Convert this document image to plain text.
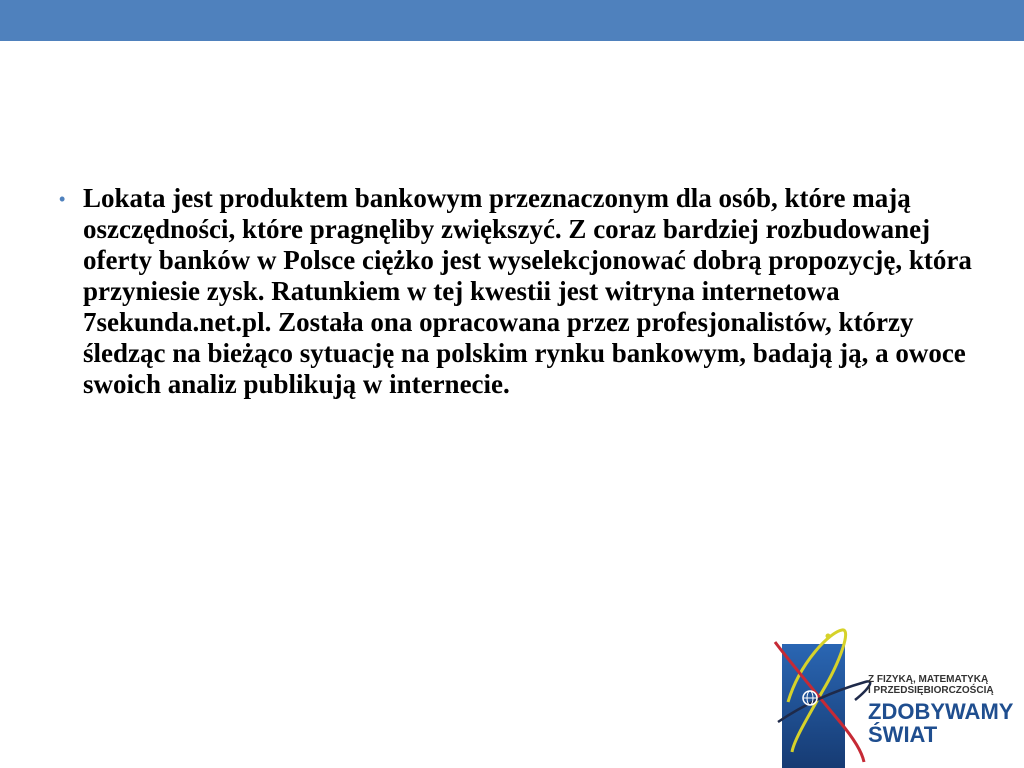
• Lokata jest produktem bankowym przeznaczonym dla osób, które mają oszczędności, które pragnęliby zwiększyć. Z coraz bardziej rozbudowanej oferty banków w Polsce ciężko jest wyselekcjonować dobrą propozycję, która przyniesie zysk. Ratunkiem w tej kwestii jest witryna internetowa 7sekunda.net.pl. Została ona opracowana przez profesjonalistów, którzy śledząc na bieżąco sytuację na polskim rynku bankowym, badają ją, a owoce swoich analiz publikują w internecie.
Z FIZYKĄ, MATEMATYKĄ
I PRZEDSIĘBIORCZOŚCIĄ
ZDOBYWAMY
ŚWIAT
